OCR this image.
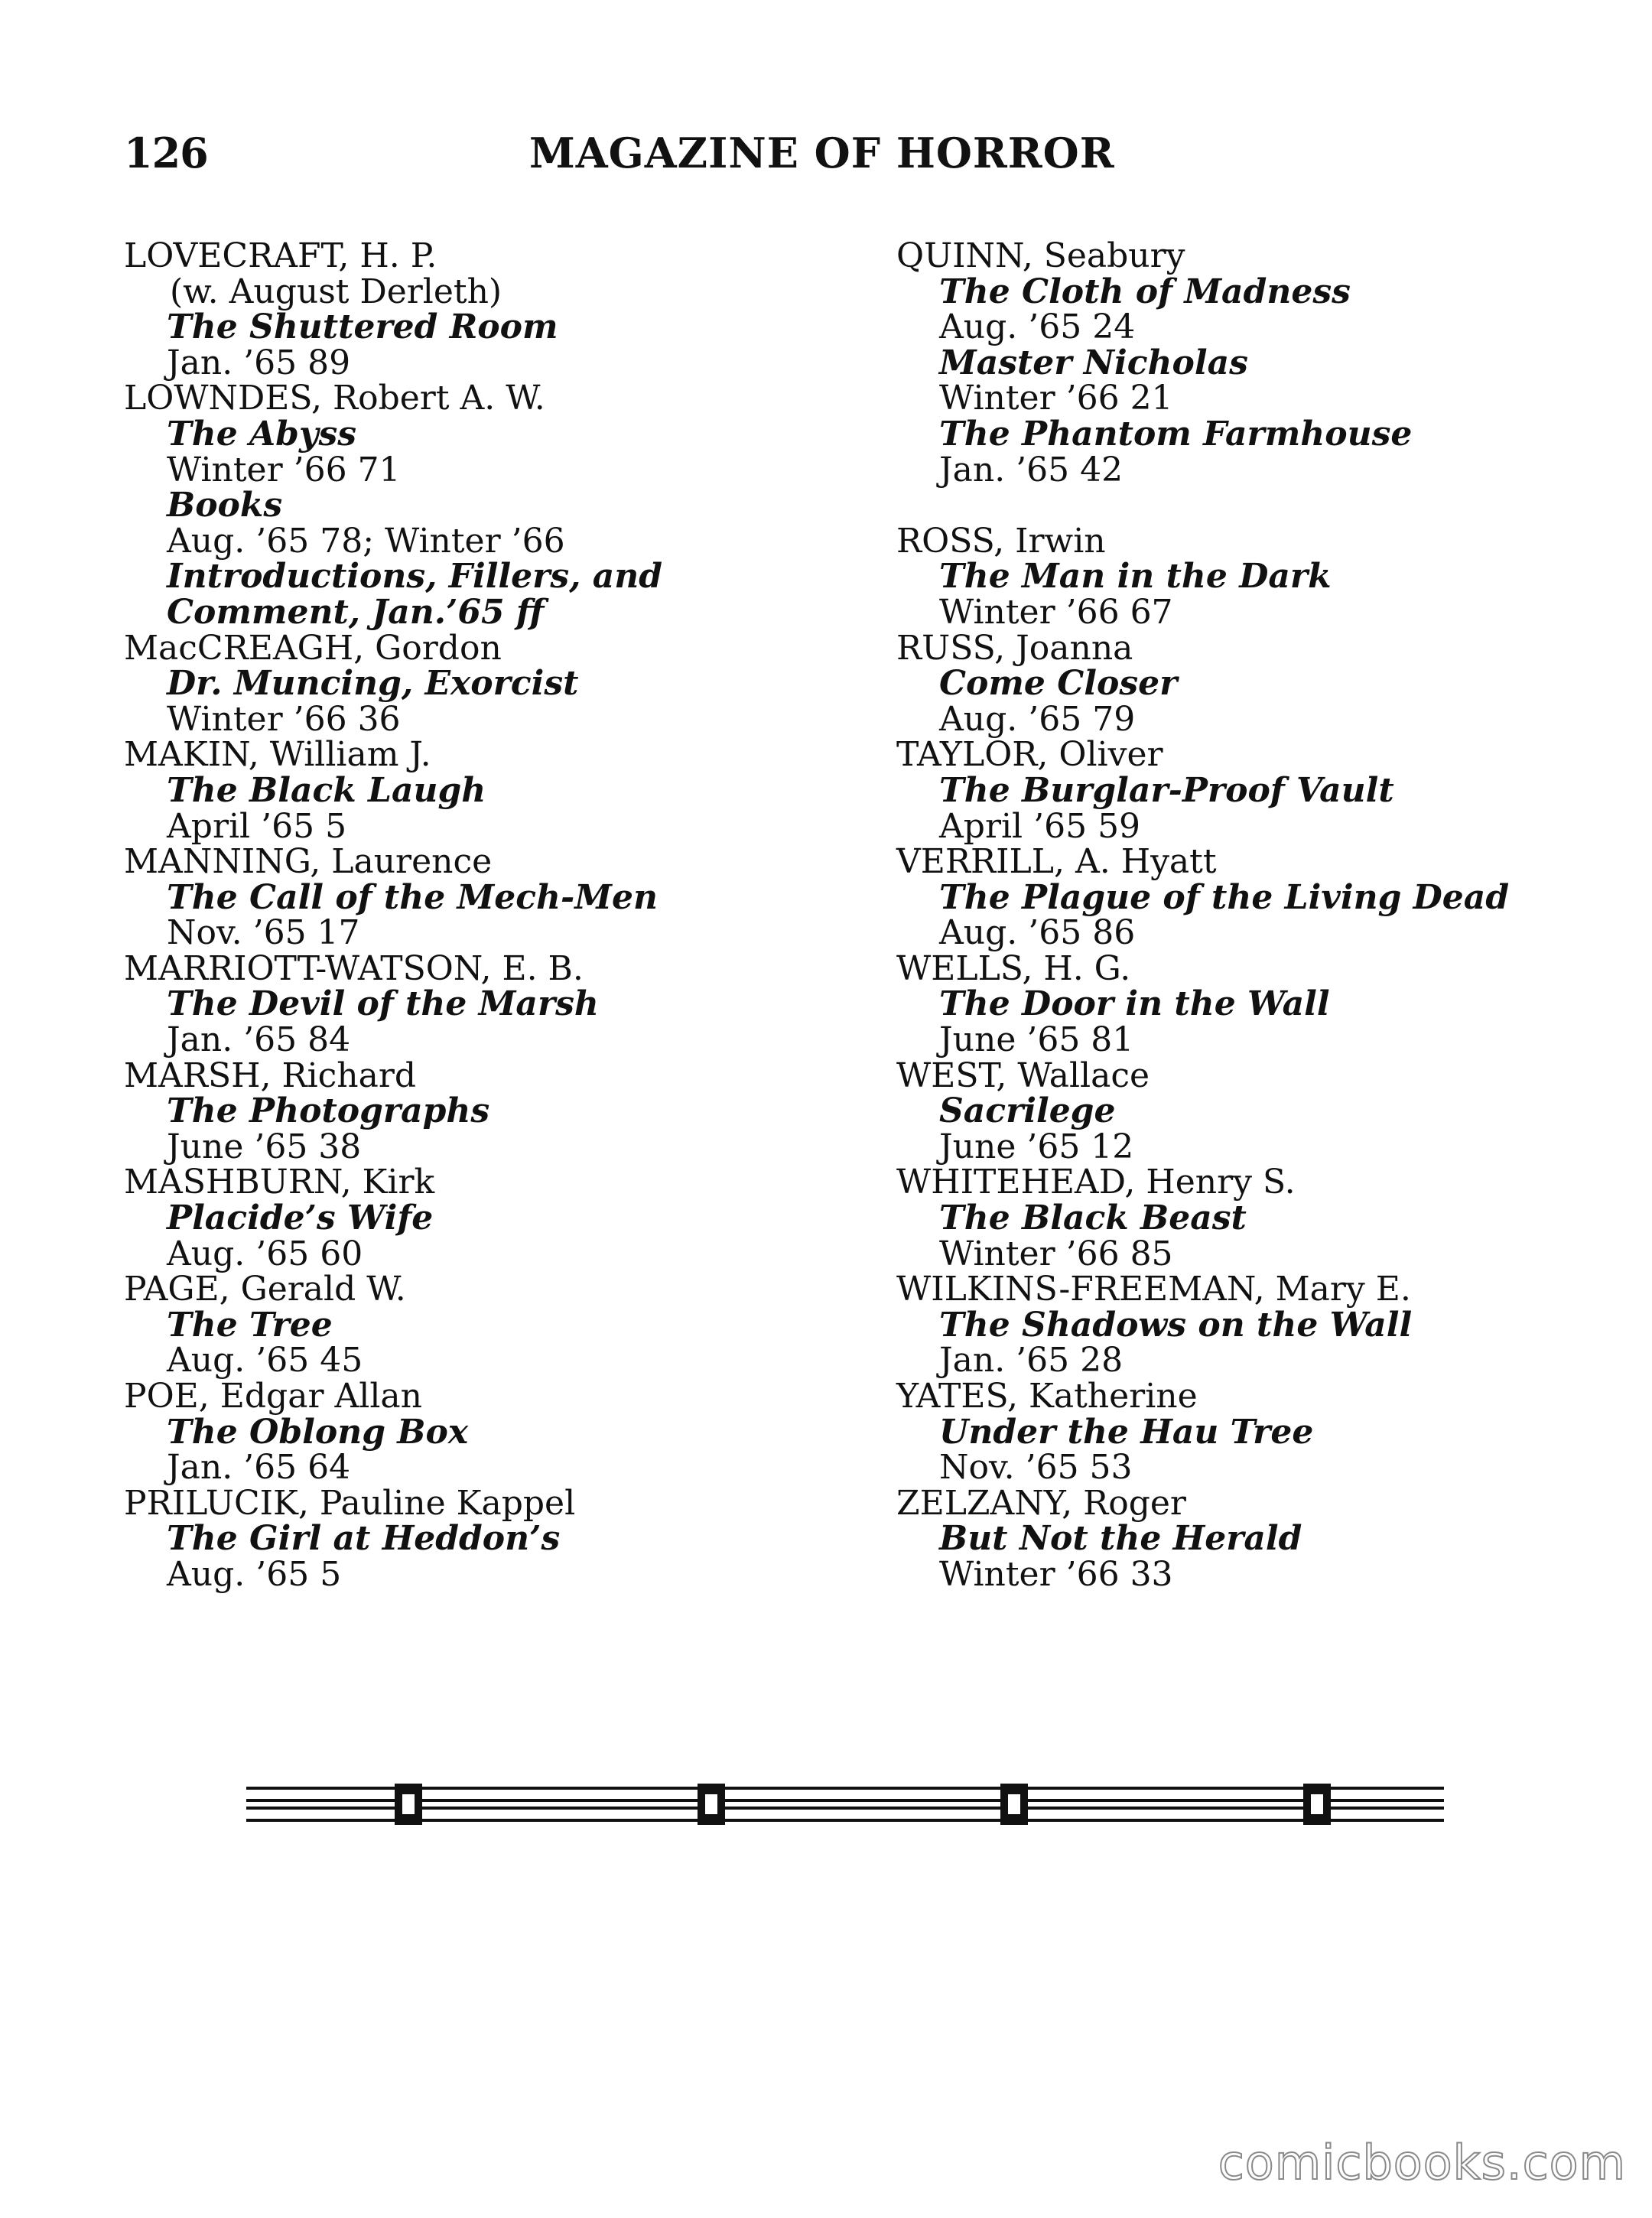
126	MAGAZINE OF HORROR
LOVECRAFT, H. P.
(w. August Derleth)
The Shuttered Room
Jan. ’65 89
LOWNDES, Robert A. W.
The Abyss
Winter ’66 71
Books
Aug. ’65 78; Winter ’66
Introductions, Fillers, and
Comment, Jan.’65 ff
MacCREAGH, Gordon
Dr. Muncing, Exorcist
Winter ’66 36
MAKIN, William J.
The Black Laugh
April ’65 5
MANNING, Laurence
The Call of the Mech-Men
Nov. ’65 17
MARRIOTT-WATSON, E. B.
The Devil of the Marsh
Jan. ’65 84
MARSH, Richard
The Photographs
June ’65 38
MASHBURN, Kirk
Placide’s Wife
Aug. ’65 60
PAGE, Gerald W.
The Tree
Aug. ’65 45
POE, Edgar Allan
The Oblong Box
Jan. ’65 64
PRILUCIK, Pauline Kappel
The Girl at Heddon’s
Aug. ’65 5
QUINN, Seabury
The Cloth of Madness
Aug. ’65 24
Master Nicholas
Winter ’66 21
The Phantom Farmhouse
Jan. ’65 42
ROSS, Irwin
The Man in the Dark
Winter ’66 67
RUSS, Joanna
Come Closer
Aug. ’65 79
TAYLOR, Oliver
The Burglar-Proof Vault
April ’65 59
VERRILL, A. Hyatt
The Plague of the Living Dead
Aug. ’65 86
WELLS, H. G.
The Door in the Wall
June ’65 81
WEST, Wallace
Sacrilege
June ’65 12
WHITEHEAD, Henry S.
The Black Beast
Winter ’66 85
WILKINS-FREEMAN, Mary E.
The Shadows on the Wall
Jan. ’65 28
YATES, Katherine
Under the Hau Tree
Nov. ’65 53
ZELZANY, Roger
But Not the Herald
Winter ’66 33
comicbooks.com
